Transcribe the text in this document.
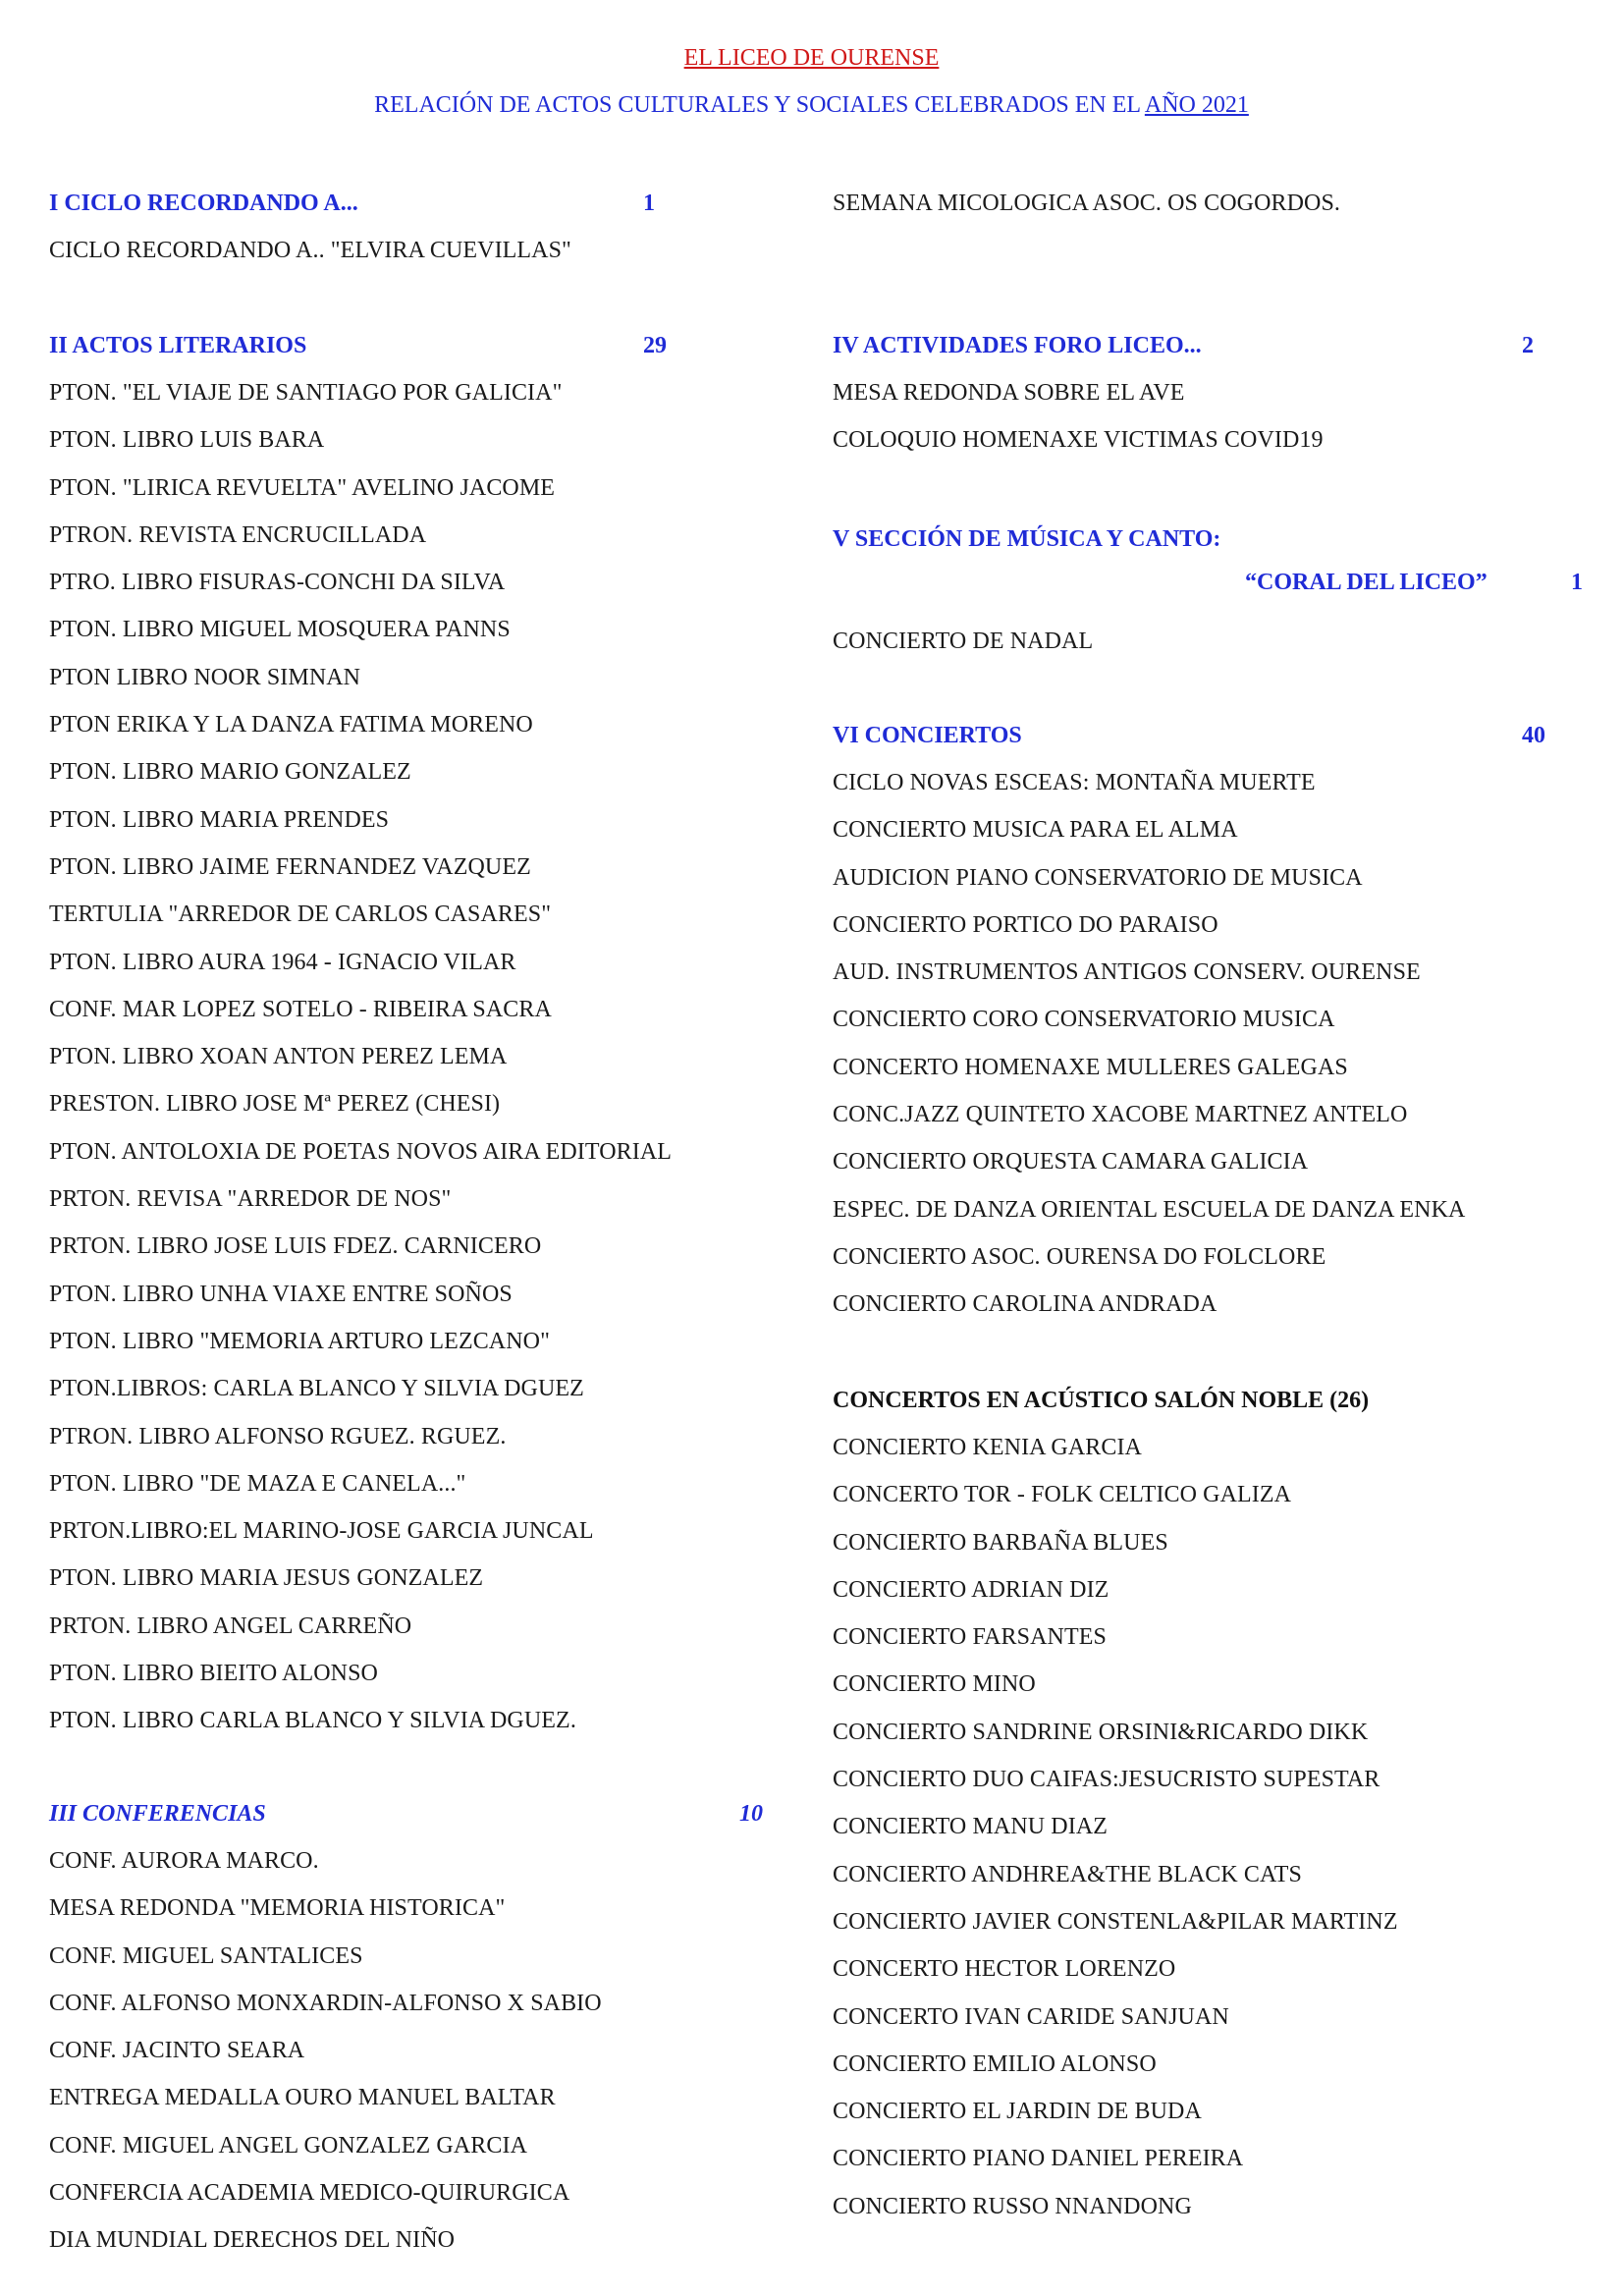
EL LICEO DE OURENSE
RELACIÓN DE ACTOS CULTURALES Y SOCIALES CELEBRADOS EN EL AÑO 2021
I CICLO RECORDANDO A...	1
CICLO RECORDANDO A.. "ELVIRA CUEVILLAS"
II ACTOS LITERARIOS	29
PTON. "EL VIAJE DE SANTIAGO POR GALICIA"
PTON. LIBRO LUIS BARA
PTON. "LIRICA REVUELTA" AVELINO JACOME
PTRON. REVISTA ENCRUCILLADA
PTRO. LIBRO FISURAS-CONCHI DA SILVA
PTON. LIBRO MIGUEL MOSQUERA PANNS
PTON LIBRO NOOR SIMNAN
PTON ERIKA Y LA DANZA FATIMA MORENO
PTON. LIBRO MARIO GONZALEZ
PTON. LIBRO MARIA PRENDES
PTON. LIBRO JAIME FERNANDEZ VAZQUEZ
TERTULIA "ARREDOR DE CARLOS CASARES"
PTON. LIBRO AURA 1964 - IGNACIO VILAR
CONF. MAR LOPEZ SOTELO - RIBEIRA SACRA
PTON. LIBRO XOAN ANTON PEREZ LEMA
PRESTON. LIBRO JOSE Mª PEREZ (CHESI)
PTON. ANTOLOXIA DE POETAS NOVOS AIRA EDITORIAL
PRTON. REVISA "ARREDOR DE NOS"
PRTON. LIBRO JOSE LUIS FDEZ. CARNICERO
PTON. LIBRO UNHA VIAXE ENTRE SOÑOS
PTON. LIBRO "MEMORIA ARTURO LEZCANO"
PTON.LIBROS: CARLA BLANCO Y SILVIA DGUEZ
PTRON. LIBRO ALFONSO RGUEZ. RGUEZ.
PTON. LIBRO "DE MAZA E CANELA..."
PRTON.LIBRO:EL MARINO-JOSE GARCIA JUNCAL
PTON. LIBRO MARIA JESUS GONZALEZ
PRTON. LIBRO ANGEL CARREÑO
PTON. LIBRO BIEITO ALONSO
PTON. LIBRO CARLA BLANCO Y SILVIA DGUEZ.
III CONFERENCIAS	10
CONF. AURORA MARCO.
MESA REDONDA "MEMORIA HISTORICA"
CONF. MIGUEL SANTALICES
CONF. ALFONSO MONXARDIN-ALFONSO X SABIO
CONF. JACINTO SEARA
ENTREGA MEDALLA OURO MANUEL BALTAR
CONF. MIGUEL ANGEL GONZALEZ GARCIA
CONFERCIA ACADEMIA MEDICO-QUIRURGICA
DIA MUNDIAL DERECHOS DEL NIÑO
SEMANA MICOLOGICA ASOC. OS COGORDOS.
IV ACTIVIDADES FORO LICEO...	2
MESA REDONDA SOBRE EL AVE
COLOQUIO HOMENAXE VICTIMAS COVID19
V SECCIÓN DE MÚSICA Y CANTO:
“CORAL DEL LICEO”	1
CONCIERTO DE NADAL
VI CONCIERTOS	40
CICLO NOVAS ESCEAS: MONTAÑA MUERTE
CONCIERTO MUSICA PARA EL ALMA
AUDICION PIANO CONSERVATORIO DE MUSICA
CONCIERTO PORTICO DO PARAISO
AUD. INSTRUMENTOS ANTIGOS CONSERV. OURENSE
CONCIERTO CORO CONSERVATORIO MUSICA
CONCERTO HOMENAXE MULLERES GALEGAS
CONC.JAZZ QUINTETO XACOBE MARTNEZ ANTELO
CONCIERTO ORQUESTA CAMARA GALICIA
ESPEC. DE DANZA ORIENTAL ESCUELA DE DANZA ENKA
CONCIERTO ASOC. OURENSA DO FOLCLORE
CONCIERTO CAROLINA ANDRADA
CONCERTOS EN ACÚSTICO SALÓN NOBLE (26)
CONCIERTO KENIA GARCIA
CONCERTO TOR - FOLK CELTICO GALIZA
CONCIERTO BARBAÑA BLUES
CONCIERTO ADRIAN DIZ
CONCIERTO FARSANTES
CONCIERTO MINO
CONCIERTO SANDRINE ORSINI&RICARDO DIKK
CONCIERTO DUO CAIFAS:JESUCRISTO SUPESTAR
CONCIERTO MANU DIAZ
CONCIERTO ANDHREA&THE BLACK CATS
CONCIERTO JAVIER CONSTENLA&PILAR MARTINZ
CONCERTO HECTOR LORENZO
CONCERTO IVAN CARIDE SANJUAN
CONCIERTO EMILIO ALONSO
CONCIERTO EL JARDIN DE BUDA
CONCIERTO PIANO DANIEL PEREIRA
CONCIERTO RUSSO NNANDONG
